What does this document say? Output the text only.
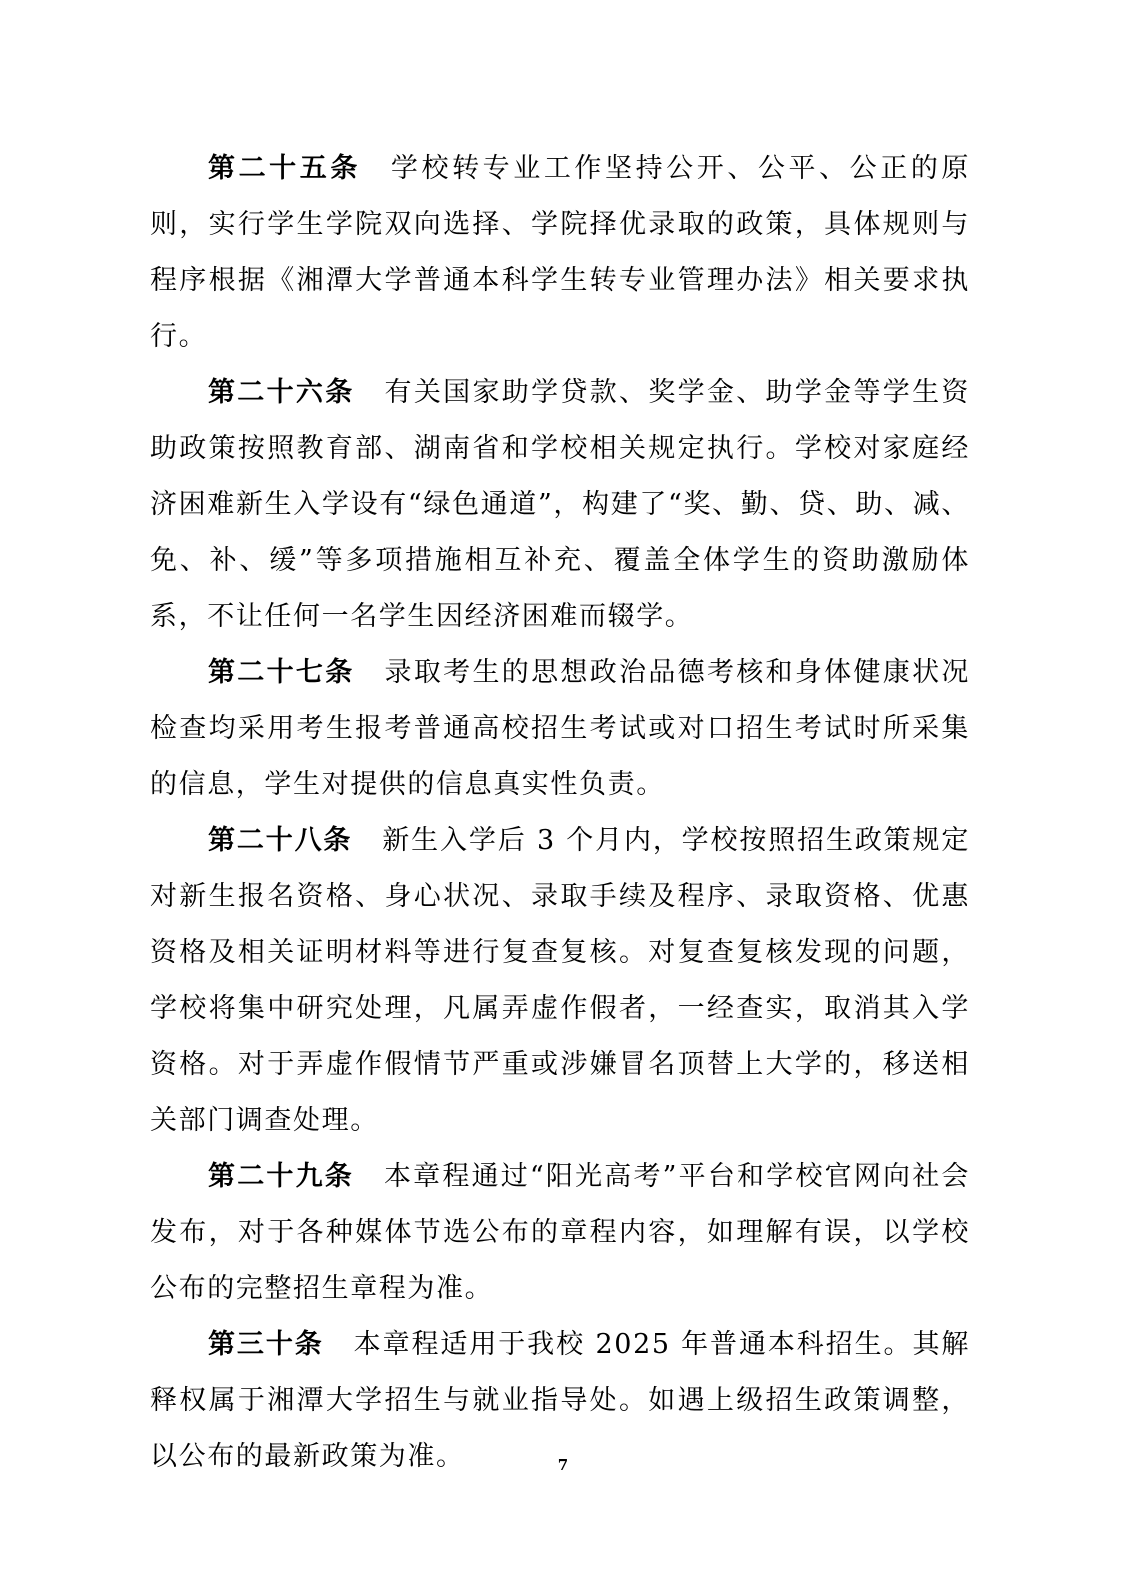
第二十五条 学校转专业工作坚持公开、公平、公正的原则，实行学生学院双向选择、学院择优录取的政策，具体规则与程序根据《湘潭大学普通本科学生转专业管理办法》相关要求执行。

第二十六条 有关国家助学贷款、奖学金、助学金等学生资助政策按照教育部、湖南省和学校相关规定执行。学校对家庭经济困难新生入学设有“绿色通道”，构建了“奖、勤、贷、助、减、免、补、缓”等多项措施相互补充、覆盖全体学生的资助激励体系，不让任何一名学生因经济困难而辍学。

第二十七条 录取考生的思想政治品德考核和身体健康状况检查均采用考生报考普通高校招生考试或对口招生考试时所采集的信息，学生对提供的信息真实性负责。

第二十八条 新生入学后 3 个月内，学校按照招生政策规定对新生报名资格、身心状况、录取手续及程序、录取资格、优惠资格及相关证明材料等进行复查复核。对复查复核发现的问题，学校将集中研究处理，凡属弄虚作假者，一经查实，取消其入学资格。对于弄虚作假情节严重或涉嫌冒名顶替上大学的，移送相关部门调查处理。

第二十九条 本章程通过“阳光高考”平台和学校官网向社会发布，对于各种媒体节选公布的章程内容，如理解有误，以学校公布的完整招生章程为准。

第三十条 本章程适用于我校 2025 年普通本科招生。其解释权属于湘潭大学招生与就业指导处。如遇上级招生政策调整，以公布的最新政策为准。	7
